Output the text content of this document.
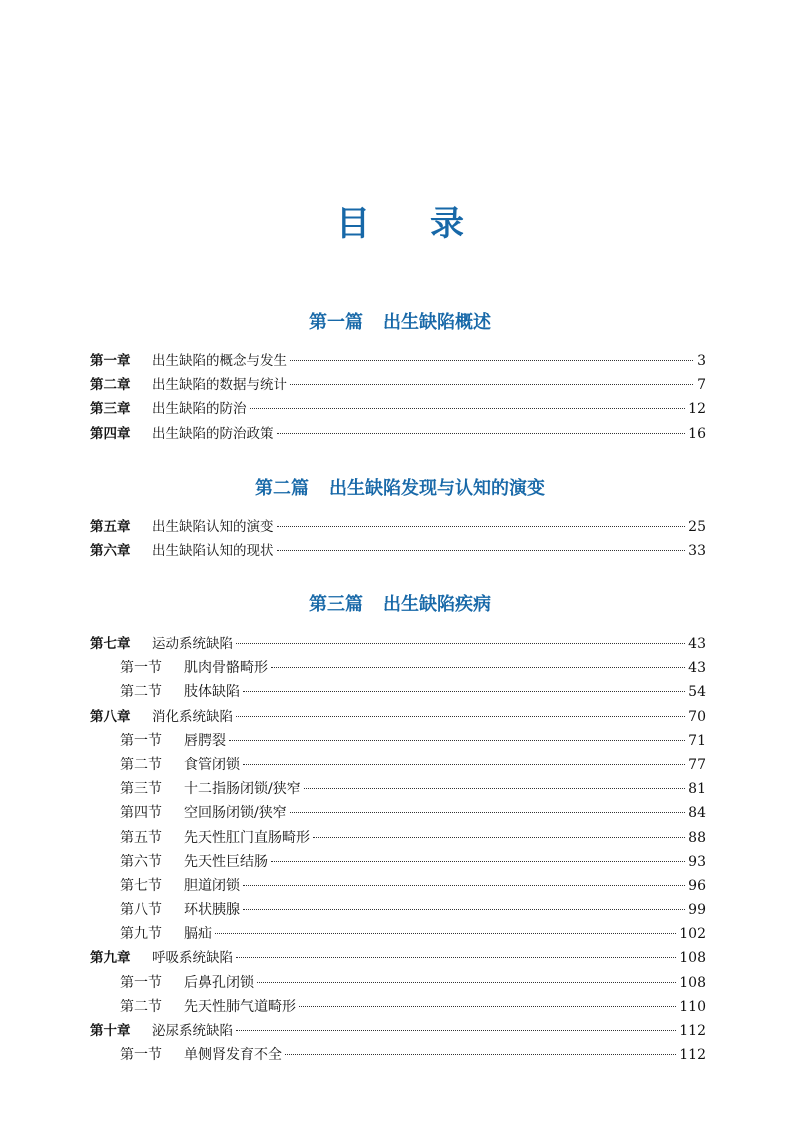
目录
第一篇 出生缺陷概述
第一章	出生缺陷的概念与发生	3
第二章	出生缺陷的数据与统计	7
第三章	出生缺陷的防治	12
第四章	出生缺陷的防治政策	16
第二篇 出生缺陷发现与认知的演变
第五章	出生缺陷认知的演变	25
第六章	出生缺陷认知的现状	33
第三篇 出生缺陷疾病
第七章	运动系统缺陷	43
第一节	肌肉骨骼畸形	43
第二节	肢体缺陷	54
第八章	消化系统缺陷	70
第一节	唇腭裂	71
第二节	食管闭锁	77
第三节	十二指肠闭锁/狭窄	81
第四节	空回肠闭锁/狭窄	84
第五节	先天性肛门直肠畸形	88
第六节	先天性巨结肠	93
第七节	胆道闭锁	96
第八节	环状胰腺	99
第九节	膈疝	102
第九章	呼吸系统缺陷	108
第一节	后鼻孔闭锁	108
第二节	先天性肺气道畸形	110
第十章	泌尿系统缺陷	112
第一节	单侧肾发育不全	112
